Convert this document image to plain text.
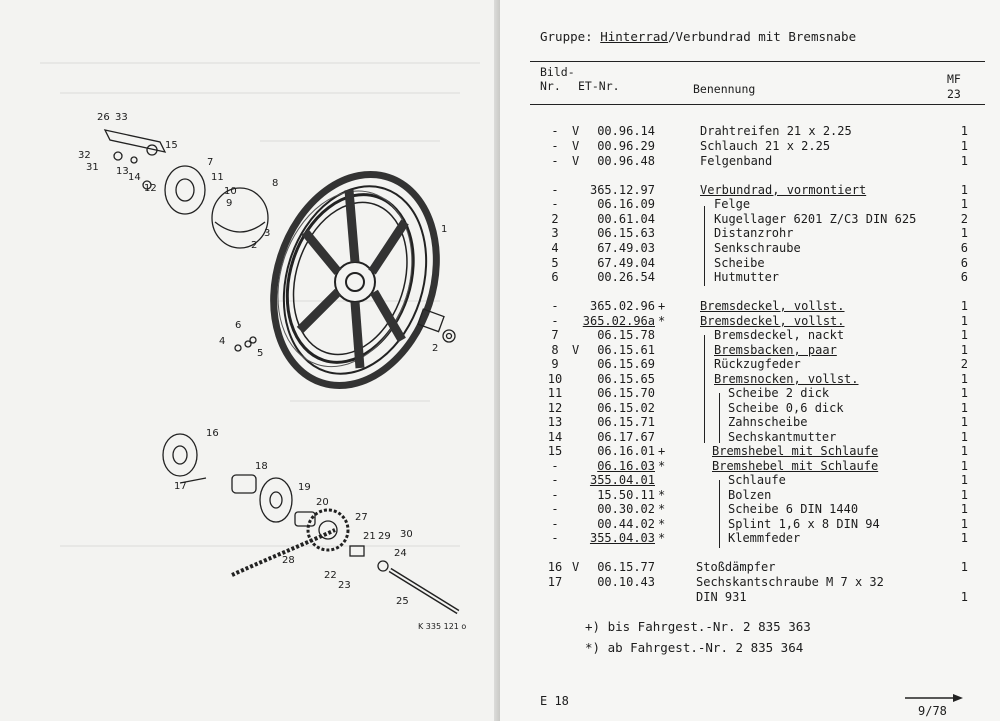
26 33
32
31
15
13
14
12
7
11
10
9
8
3
2
1
6
4
5	2
16
18
17	19
20
27
21 29 30
24
22
23
28
25
K 335 121 o
Gruppe: Hinterrad/Verbundrad mit Bremsnabe
Bild-
Nr. ET-Nr.	Benennung
MF
23
-	V	00.96.14	Drahtreifen 21 x 2.25	1
-	V	00.96.29	Schlauch 21 x 2.25	1
-	V	00.96.48	Felgenband	1
-	365.12.97	Verbundrad, vormontiert	1
-	06.16.09	Felge	1
2	00.61.04	Kugellager 6201 Z/C3 DIN 625	2
3	06.15.63	Distanzrohr	1
4	67.49.03	Senkschraube	6
5	67.49.04	Scheibe	6
6	00.26.54	Hutmutter	6
-	365.02.96 +	Bremsdeckel, vollst.	1
-	365.02.96a *	Bremsdeckel, vollst.	1
7	06.15.78	Bremsdeckel, nackt	1
8	V	06.15.61	Bremsbacken, paar	1
9	06.15.69	Rückzugfeder	2
10	06.15.65	Bremsnocken, vollst.	1
11	06.15.70	Scheibe 2 dick	1
12	06.15.02	Scheibe 0,6 dick	1
13	06.15.71	Zahnscheibe	1
14	06.17.67	Sechskantmutter	1
15	06.16.01 +	Bremshebel mit Schlaufe	1
-	06.16.03 *	Bremshebel mit Schlaufe	1
-	355.04.01	Schlaufe	1
-	15.50.11 *	Bolzen	1
-	00.30.02 *	Scheibe 6 DIN 1440	1
-	00.44.02 *	Splint 1,6 x 8 DIN 94	1
-	355.04.03 *	Klemmfeder	1
16 V	06.15.77	Stoßdämpfer	1
17	00.10.43	Sechskantschraube M 7 x 32
DIN 931	1
+) bis Fahrgest.-Nr. 2 835 363
*) ab Fahrgest.-Nr. 2 835 364
E 18
9/78
